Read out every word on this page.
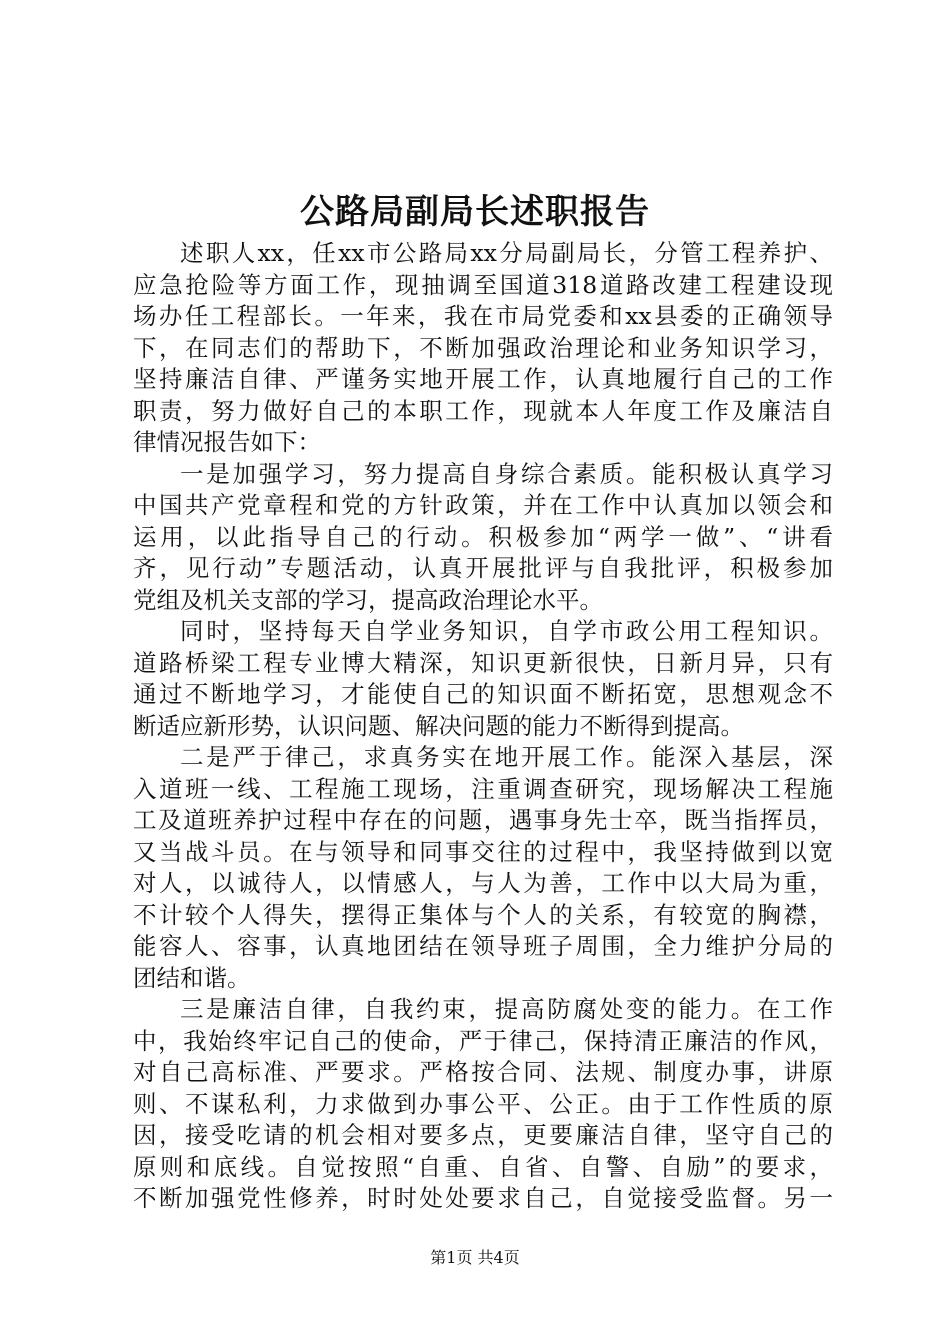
公路局副局长述职报告
述职人xx，任xx市公路局xx分局副局长，分管工程养护、
应急抢险等方面工作，现抽调至国道318道路改建工程建设现
场办任工程部长。一年来，我在市局党委和xx县委的正确领导
下，在同志们的帮助下，不断加强政治理论和业务知识学习，
坚持廉洁自律、严谨务实地开展工作，认真地履行自己的工作
职责，努力做好自己的本职工作，现就本人年度工作及廉洁自
律情况报告如下：
一是加强学习，努力提高自身综合素质。能积极认真学习
中国共产党章程和党的方针政策，并在工作中认真加以领会和
运用，以此指导自己的行动。积极参加“两学一做”、“讲看
齐，见行动”专题活动，认真开展批评与自我批评，积极参加
党组及机关支部的学习，提高政治理论水平。
同时，坚持每天自学业务知识，自学市政公用工程知识。
道路桥梁工程专业博大精深，知识更新很快，日新月异，只有
通过不断地学习，才能使自己的知识面不断拓宽，思想观念不
断适应新形势，认识问题、解决问题的能力不断得到提高。
二是严于律己，求真务实在地开展工作。能深入基层，深
入道班一线、工程施工现场，注重调查研究，现场解决工程施
工及道班养护过程中存在的问题，遇事身先士卒，既当指挥员，
又当战斗员。在与领导和同事交往的过程中，我坚持做到以宽
对人，以诚待人，以情感人，与人为善，工作中以大局为重，
不计较个人得失，摆得正集体与个人的关系，有较宽的胸襟，
能容人、容事，认真地团结在领导班子周围，全力维护分局的
团结和谐。
三是廉洁自律，自我约束，提高防腐处变的能力。在工作
中，我始终牢记自己的使命，严于律己，保持清正廉洁的作风，
对自己高标准、严要求。严格按合同、法规、制度办事，讲原
则、不谋私利，力求做到办事公平、公正。由于工作性质的原
因，接受吃请的机会相对要多点，更要廉洁自律，坚守自己的
原则和底线。自觉按照“自重、自省、自警、自励”的要求，
不断加强党性修养，时时处处要求自己，自觉接受监督。另一
第1页 共4页
